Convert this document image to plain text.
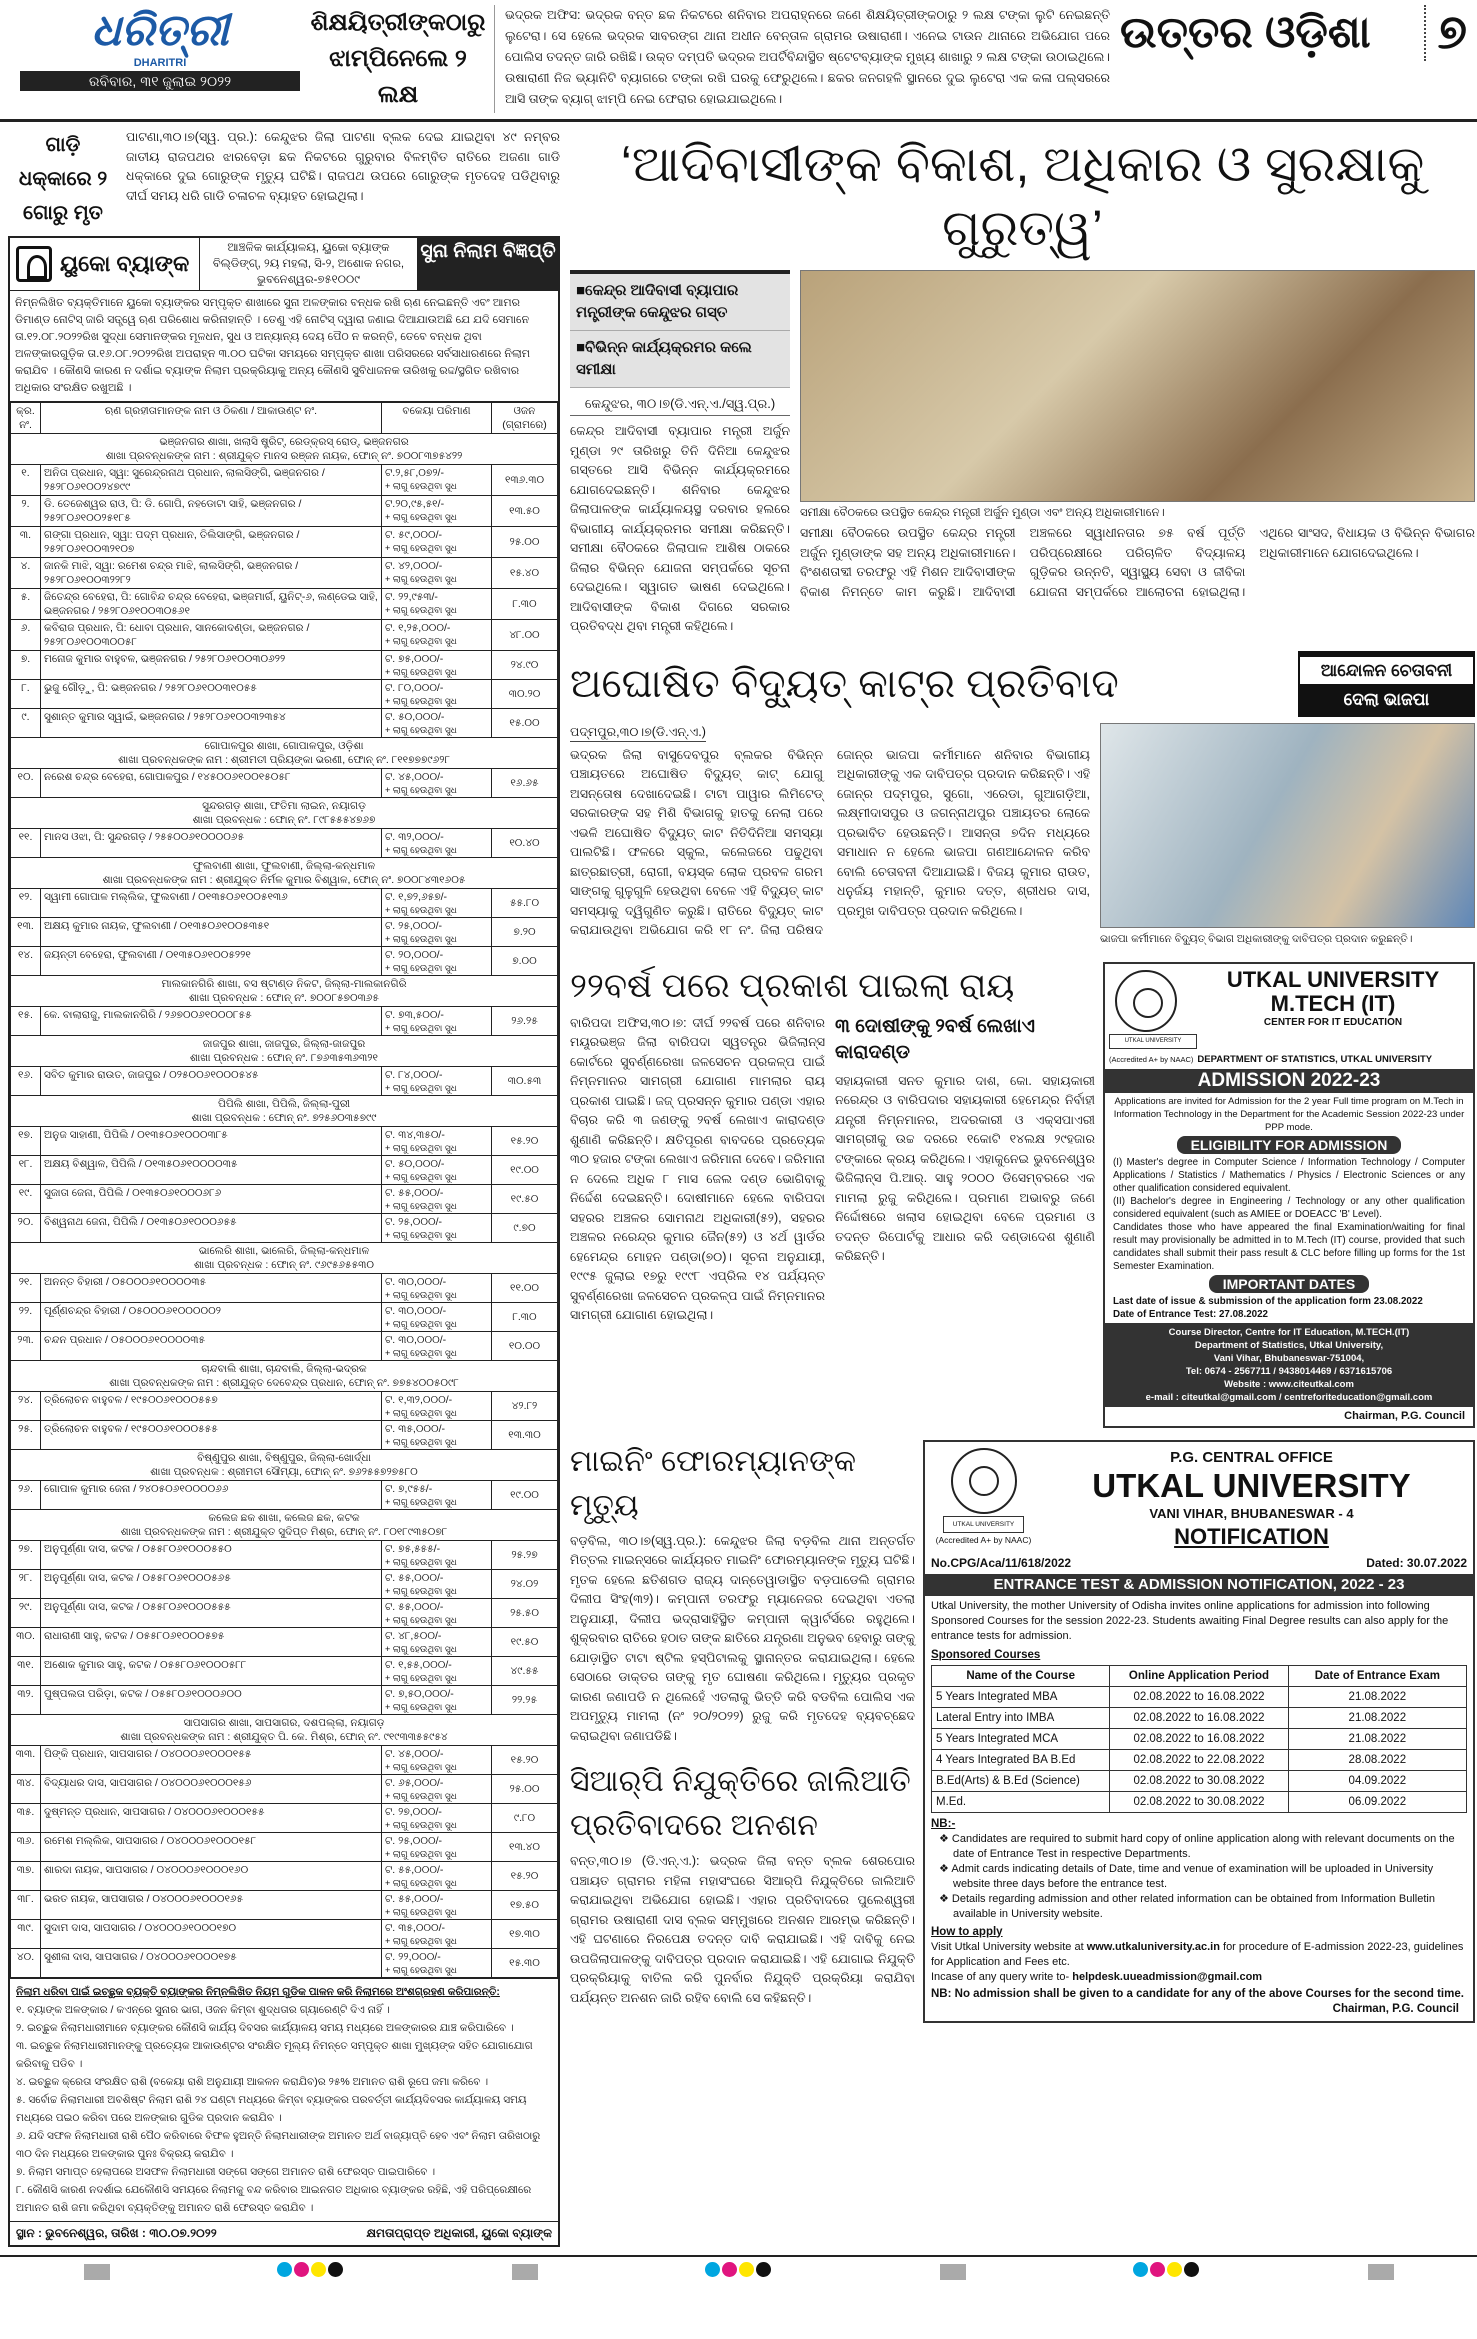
ଧରିତ୍ରୀ
DHARITRI
ରବିବାର, ୩୧ ଜୁଲାଇ ୨୦୨୨
ଶିକ୍ଷୟିତ୍ରୀଙ୍କଠାରୁ ଝାମ୍ପିନେଲେ ୨ ଲକ୍ଷ
ଭଦ୍ରକ ଅଫିସ: ଭଦ୍ରକ ବନ୍ତ ଛକ ନିକଟରେ ଶନିବାର ଅପରାହ୍ନରେ ଜଣେ ଶିକ୍ଷୟିତ୍ରୀଙ୍କଠାରୁ ୨ ଲକ୍ଷ ଟଙ୍କା ଲୁଟି ନେଇଛନ୍ତି ଲୁଟେରା। ସେ ହେଲେ ଭଦ୍ରକ ସାବରଙ୍ଗ ଥାନା ଅଧୀନ ବେନ୍ତାଳ ଗ୍ରାମର ଉଷାରାଣୀ। ଏନେଇ ଟାଉନ ଥାନାରେ ଅଭିଯୋଗ ପରେ ପୋଲିସ ତଦନ୍ତ ଜାରି ରଖିଛି। ଉକ୍ତ ଦମ୍ପତି ଭଦ୍ରକ ଅପର୍ଟିବିନ୍ଦାସ୍ଥିତ ଷ୍ଟେଟବ୍ୟାଙ୍କ ମୁଖ୍ୟ ଶାଖାରୁ ୨ ଲକ୍ଷ ଟଙ୍କା ଉଠାଇଥିଲେ। ଉଷାରାଣୀ ନିଜ ଭ୍ୟାନିଟି ବ୍ୟାଗରେ ଟଙ୍କା ରଖି ଘରକୁ ଫେରୁଥିଲେ। ଛକର ଜନଗହଳି ସ୍ଥାନରେ ଦୁଇ ଲୁଟେରା ଏକ କଳା ପଲ୍‌ସରରେ ଆସି ତାଙ୍କ ବ୍ୟାଗ୍ ଝାମ୍ପି ନେଇ ଫେରାର ହୋଇଯାଇଥିଲେ।
ଉତ୍ତର ଓଡ଼ିଶା	୭
ଗାଡ଼ି ଧକ୍କାରେ ୨ ଗୋରୁ ମୃତ
ପାଟଣା,୩୦।୭(ସ୍ୱ. ପ୍ର.): କେନ୍ଦୁଝର ଜିଲା ପାଟଣା ବ୍ଲକ ଦେଇ ଯାଇଥିବା ୪୯ ନମ୍ବର ଜାତୀୟ ରାଜପଥର ଝାରବେଡ଼ା ଛକ ନିକଟରେ ଗୁରୁବାର ବିଳମ୍ବିତ ରାତିରେ ଅଜଣା ଗାଡି ଧକ୍କାରେ ଦୁଇ ଗୋରୁଙ୍କ ମୃତ୍ୟୁ ଘଟିଛି। ରାଜପଥ ଉପରେ ଗୋରୁଙ୍କ ମୃତଦେହ ପଡିଥିବାରୁ ଦୀର୍ଘ ସମୟ ଧରି ଗାଡି ଚଳାଚଳ ବ୍ୟାହତ ହୋଇଥିଲା।
ୟୁକୋ ବ୍ୟାଙ୍କ
ଆଞ୍ଚଳିକ କାର୍ଯ୍ୟାଳୟ, ୟୁକୋ ବ୍ୟାଙ୍କ ବିଲ୍ଡିଙ୍ଗ୍, ୨ୟ ମହଲା, ସି-୨, ଅଶୋକ ନଗର, ଭୁବନେଶ୍ୱର-୭୫୧୦୦୯
ସୁନା ନିଲାମ ବିଜ୍ଞପ୍ତି
ନିମ୍ନଲିଖିତ ବ୍ୟକ୍ତିମାନେ ୟୁକୋ ବ୍ୟାଙ୍କର ସମ୍ପୃକ୍ତ ଶାଖାରେ ସୁନା ଅଳଙ୍କାର ବନ୍ଧକ ରଖି ଋଣ ନେଇଛନ୍ତି ଏବଂ ଆମର ଡିମାଣ୍ଡ ନୋଟିସ୍ ଜାରି ସତ୍ତ୍ୱେ ଋଣ ପରିଶୋଧ କରିନାହାନ୍ତି । ତେଣୁ ଏହି ନୋଟିସ୍ ଦ୍ୱାରା ଜଣାଇ ଦିଆଯାଉଅଛି ଯେ ଯଦି ସେମାନେ ତା.୧୨.୦୮.୨୦୨୨ରିଖ ସୁଦ୍ଧା ସେମାନଙ୍କର ମୂଳଧନ, ସୁଧ ଓ ଅନ୍ୟାନ୍ୟ ଦେୟ ପୈଠ ନ କରନ୍ତି, ତେବେ ବନ୍ଧକ ଥିବା ଅଳଙ୍କାରଗୁଡ଼ିକ ତା.୧୬.୦୮.୨୦୨୨ରିଖ ଅପରାହ୍ନ ୩.୦୦ ଘଟିକା ସମୟରେ ସମ୍ପୃକ୍ତ ଶାଖା ପରିସରରେ ସର୍ବସାଧାରଣରେ ନିଲାମ କରାଯିବ । କୌଣସି କାରଣ ନ ଦର୍ଶାଇ ବ୍ୟାଙ୍କ ନିଲାମ ପ୍ରକ୍ରିୟାକୁ ଅନ୍ୟ କୌଣସି ସୁବିଧାଜନକ ତାରିଖକୁ ରଦ୍ଦ/ସ୍ଥଗିତ ରଖିବାର ଅଧିକାର ସଂରକ୍ଷିତ ରଖୁଅଛି ।
କ୍ର. ନଂ.	ଋଣ ଗ୍ରହୀତାମାନଙ୍କ ନାମ ଓ ଠିକଣା / ଆକାଉଣ୍ଟ ନଂ.	ବକେୟା ପରିମାଣ	ଓଜନ (ଗ୍ରାମରେ)

ଭଞ୍ଜନଗର ଶାଖା, ଖଲାସି ଷ୍ଟ୍ରିଟ୍, ରେଡ୍‌କ୍ରସ୍ ରୋଡ୍, ଭଞ୍ଜନଗର
ଶାଖା ପ୍ରବନ୍ଧକଙ୍କ ନାମ : ଶ୍ରୀଯୁକ୍ତ ମାନସ ରଞ୍ଜନ ନାୟକ, ଫୋନ୍ ନଂ. ୭୦୦୮୩୭୫୪୨୨			

୧.	ଅନିତା ପ୍ରଧାନ, ସ୍ୱା: ସୁରେନ୍ଦ୍ରନାଥ ପ୍ରଧାନ, ଲାଲସିଙ୍ଗି, ଭଞ୍ଜନଗର / ୨୫୨୮୦୬୧୦୦୨୪୭୯୯	ଟ.୨,୫୮,୦୭୨/-
+ ଲାଗୁ ହେଉଥିବା ସୁଧ	୧୩୬.୩୦
୨.	ଡି. ତେଜେଶ୍ୱର ରାଓ, ପି: ଡି. ଗୋପି, ନହଡୋଟା ସାହି, ଭଞ୍ଜନଗର / ୨୫୨୮୦୬୧୦୦୨୫୧୮୫	ଟ.୨୦,୯୫,୫୧/-
+ ଲାଗୁ ହେଉଥିବା ସୁଧ	୧୩.୫୦
୩.	ଗଙ୍ଗା ପ୍ରଧାନ, ସ୍ୱା: ପଦ୍ମ ପ୍ରଧାନ, ତିଲିସାଙ୍ଗି, ଭଞ୍ଜନଗର / ୨୫୨୮୦୬୧୦୦୩୨୧୦୭	ଟ. ୫୯,୦୦୦/-
+ ଲାଗୁ ହେଉଥିବା ସୁଧ	୨୫.୦୦
୪.	ଜାନକି ମାଝି, ସ୍ୱା: ରମେଶ ଚନ୍ଦ୍ର ମାଝି, ଲାଲସିଙ୍ଗି, ଭଞ୍ଜନଗର / ୨୫୨୮୦୬୧୦୦୩୨୨୮୨	ଟ. ୪୨,୦୦୦/-
+ ଲାଗୁ ହେଉଥିବା ସୁଧ	୧୫.୪୦
୫.	ଜିତେନ୍ଦ୍ର ବେହେରା, ପି: ଗୋବିନ୍ଦ ଚନ୍ଦ୍ର ବେହେରା, ଭଞ୍ଜମାର୍ଗ, ୟୁନିଟ୍-୬, ଲଣ୍ଡେଇ ସାହି, ଭଞ୍ଜନଗର / ୨୫୨୮୦୬୧୦୦୩୦୫୬୧	ଟ. ୨୨,୯୫୩/-
+ ଲାଗୁ ହେଉଥିବା ସୁଧ	୮.୩୦
୬.	କବିରାଜ ପ୍ରଧାନ, ପି: ଧୋବା ପ୍ରଧାନ, ସାନକୋଦଣ୍ଡା, ଭଞ୍ଜନଗର / ୨୫୨୮୦୬୧୦୦୩୦୦୫୮	ଟ. ୧,୨୫,୦୦୦/-
+ ଲାଗୁ ହେଉଥିବା ସୁଧ	୪୮.୦୦
୭.	ମନୋଜ କୁମାର ବାହୁବଳ, ଭଞ୍ଜନଗର / ୨୫୨୮୦୬୧୦୦୩୦୬୨୨	ଟ. ୭୫,୦୦୦/-
+ ଲାଗୁ ହେଉଥିବା ସୁଧ	୨୪.୯୦
୮.	ଭୁଜୁ ଗୌଡ଼ୁ, ପି: ଭଞ୍ଜନଗର / ୨୫୨୮୦୬୧୦୦୩୧୦୫୫	ଟ. ୮୦,୦୦୦/-
+ ଲାଗୁ ହେଉଥିବା ସୁଧ	୩୦.୨୦
୯.	ସୁଶାନ୍ତ କୁମାର ସ୍ୱାଇଁ, ଭଞ୍ଜନଗର / ୨୫୨୮୦୬୧୦୦୩୨୩୫୪	ଟ. ୫୦,୦୦୦/-
+ ଲାଗୁ ହେଉଥିବା ସୁଧ	୧୫.୦୦

ଗୋପାଳପୁର ଶାଖା, ଗୋପାଳପୁର, ଓଡ଼ିଶା
ଶାଖା ପ୍ରବନ୍ଧକଙ୍କ ନାମ : ଶ୍ରୀମତୀ ପ୍ରିୟଙ୍କା ଭରଣୀ, ଫୋନ୍ ନଂ. ୮୧୧୭୭୭୯୬୨୮			

୧୦.	ନରେଶ ଚନ୍ଦ୍ର ବେହେରା, ଗୋପାଳପୁର / ୧୪୫୦୦୬୧୦୦୧୫୦୫୮	ଟ. ୪୫,୦୦୦/-
+ ଲାଗୁ ହେଉଥିବା ସୁଧ	୧୬.୬୫

ସୁନ୍ଦରଗଡ଼ ଶାଖା, ଫତିମା ଲାଇନ, ନୟାଗଡ଼
ଶାଖା ପ୍ରବନ୍ଧକ : ଫୋନ୍ ନଂ. ୮୯୮୫୫୫୪୭୬୭			

୧୧.	ମାନସ ଓଝା, ପି: ସୁନ୍ଦରଗଡ଼ / ୨୫୫୦୦୬୧୦୦୦୦୬୫	ଟ. ୩୨,୦୦୦/-
+ ଲାଗୁ ହେଉଥିବା ସୁଧ	୧୦.୪୦

ଫୁଲବାଣୀ ଶାଖା, ଫୁଲବାଣୀ, ଜିଲ୍ଲା-କନ୍ଧମାଳ
ଶାଖା ପ୍ରବନ୍ଧକଙ୍କ ନାମ : ଶ୍ରୀଯୁକ୍ତ ନିର୍ମଳ କୁମାର ବିଶ୍ୱାଳ, ଫୋନ୍ ନଂ. ୭୦୦୮୪୩୧୬୦୫			

୧୨.	ସ୍ୱାମୀ ଗୋପାଳ ମଲ୍ଲିକ, ଫୁଲବାଣୀ / ୦୧୩୫୦୬୧୦୦୫୧୩୬	ଟ. ୧,୭୨,୬୫୭/-
+ ଲାଗୁ ହେଉଥିବା ସୁଧ	୫୫.୮୦
୧୩.	ଅକ୍ଷୟ କୁମାର ନାୟକ, ଫୁଲବାଣୀ / ୦୧୩୫୦୬୧୦୦୫୩୫୧	ଟ. ୨୫,୦୦୦/-
+ ଲାଗୁ ହେଉଥିବା ସୁଧ	୭.୨୦
୧୪.	ଜୟନ୍ତୀ ବେହେରା, ଫୁଲବାଣୀ / ୦୧୩୫୦୬୧୦୦୫୨୨୧	ଟ. ୨୦,୦୦୦/-
+ ଲାଗୁ ହେଉଥିବା ସୁଧ	୭.୦୦

ମାଲକାନଗିରି ଶାଖା, ବସ ଷ୍ଟାଣ୍ଡ ନିକଟ, ଜିଲ୍ଲା-ମାଲକାନଗିରି
ଶାଖା ପ୍ରବନ୍ଧକ : ଫୋନ୍ ନଂ. ୭୦୦୮୫୭୦୩୬୫			

୧୫.	କେ. ବାଲାରାଜୁ, ମାଲକାନଗିରି / ୨୬୭୦୦୬୧୦୦୦୮୫୫	ଟ. ୭୩,୫୦୦/-
+ ଲାଗୁ ହେଉଥିବା ସୁଧ	୨୬.୨୫

ଜାଜପୁର ଶାଖା, ଜାଜପୁର, ଜିଲ୍ଲା-ଜାଜପୁର
ଶାଖା ପ୍ରବନ୍ଧକ : ଫୋନ୍ ନଂ. ୮୭୬୩୫୩୬୩୨୧			

୧୬.	ସବିତ କୁମାର ରାଉତ, ଜାଜପୁର / ୦୨୫୦୦୬୧୦୦୦୫୪୫	ଟ. ୮୪,୦୦୦/-
+ ଲାଗୁ ହେଉଥିବା ସୁଧ	୩୦.୫୩

ପିପିଲି ଶାଖା, ପିପିଲି, ଜିଲ୍ଲା-ପୁରୀ
ଶାଖା ପ୍ରବନ୍ଧକ : ଫୋନ୍ ନଂ. ୭୨୫୬୦୩୫୭୯୯			

୧୭.	ଅନୁଜ ସାହାଣୀ, ପିପିଲି / ୦୧୩୫୦୬୧୦୦୦୩୮୫	ଟ. ୩୪,୩୫୦/-
+ ଲାଗୁ ହେଉଥିବା ସୁଧ	୧୫.୨୦
୧୮.	ଅକ୍ଷୟ ବିଶ୍ୱାଳ, ପିପିଲି / ୦୧୩୫୦୬୧୦୦୦୦୩୫	ଟ. ୫୦,୦୦୦/-
+ ଲାଗୁ ହେଉଥିବା ସୁଧ	୧୯.୦୦
୧୯.	ସୁଜାତା ଜେନା, ପିପିଲି / ୦୧୩୫୦୬୧୦୦୦୬୮୬	ଟ. ୫୫,୦୦୦/-
+ ଲାଗୁ ହେଉଥିବା ସୁଧ	୧୯.୫୦
୨୦.	ବିଶ୍ୱନାଥ ଜେନା, ପିପିଲି / ୦୧୩୫୦୬୧୦୦୦୬୫୫	ଟ. ୨୫,୦୦୦/-
+ ଲାଗୁ ହେଉଥିବା ସୁଧ	୯.୭୦

ଭାଲେରି ଶାଖା, ଭାଲେରି, ଜିଲ୍ଲା-କନ୍ଧମାଳ
ଶାଖା ପ୍ରବନ୍ଧକ : ଫୋନ୍ ନଂ. ୯୬୯୫୬୫୫୩୦			

୨୧.	ଅନନ୍ତ ବିହାରୀ / ୦୫୦୦୦୬୧୦୦୦୦୩୫	ଟ. ୩୦,୦୦୦/-
+ ଲାଗୁ ହେଉଥିବା ସୁଧ	୧୧.୦୦
୨୨.	ପୂର୍ଣ୍ଣଚନ୍ଦ୍ର ବିହାରୀ / ୦୫୦୦୦୬୧୦୦୦୦୦୨	ଟ. ୩୦,୦୦୦/-
+ ଲାଗୁ ହେଉଥିବା ସୁଧ	୮.୩୦
୨୩.	ଚନ୍ଦନ ପ୍ରଧାନ / ୦୫୦୦୦୬୧୦୦୦୦୩୫	ଟ. ୩୦,୦୦୦/-
+ ଲାଗୁ ହେଉଥିବା ସୁଧ	୧୦.୦୦

ଚାନ୍ଦବାଲି ଶାଖା, ଚାନ୍ଦବାଲି, ଜିଲ୍ଲା-ଭଦ୍ରକ
ଶାଖା ପ୍ରବନ୍ଧକଙ୍କ ନାମ : ଶ୍ରୀଯୁକ୍ତ ଦେବେନ୍ଦ୍ର ପ୍ରଧାନ, ଫୋନ୍ ନଂ. ୭୭୫୪୦୦୫୦୯୮			

୨୪.	ତ୍ରିଲୋଚନ ବାହୁବଳ / ୧୯୫୦୦୬୧୦୦୦୫୫୭	ଟ. ୧,୩୨,୦୦୦/-
+ ଲାଗୁ ହେଉଥିବା ସୁଧ	୪୨.୮୨
୨୫.	ତ୍ରିଲୋଚନ ବାହୁବଳ / ୧୯୫୦୦୬୧୦୦୦୫୫୫	ଟ. ୩୫,୦୦୦/-
+ ଲାଗୁ ହେଉଥିବା ସୁଧ	୧୩.୩୦

ବିଷ୍ଣୁପୁର ଶାଖା, ବିଷ୍ଣୁପୁର, ଜିଲ୍ଲା-ଖୋର୍ଦ୍ଧା
ଶାଖା ପ୍ରବନ୍ଧକ : ଶ୍ରୀମତୀ ସୌମ୍ୟା, ଫୋନ୍ ନଂ. ୭୬୨୫୫୭୨୭୫୮୦			

୨୬.	ଗୋପାଳ କୁମାର ଜେନା / ୨୪୦୫୦୬୧୦୦୦୦୬୬	ଟ. ୭,୯୫୫/-
+ ଲାଗୁ ହେଉଥିବା ସୁଧ	୧୯.୦୦

କଲେଜ ଛକ ଶାଖା, କଲେଜ ଛକ, କଟକ
ଶାଖା ପ୍ରବନ୍ଧକଙ୍କ ନାମ : ଶ୍ରୀଯୁକ୍ତ ସୁଦିପ୍ତ ମିଶ୍ର, ଫୋନ୍ ନଂ. ୮୦୧୮୯୩୫୦୭୮			

୨୭.	ଅନୁପୂର୍ଣ୍ଣା ଦାସ, କଟକ / ୦୫୫୮୦୬୧୦୦୦୫୫୦	ଟ. ୭୫,୫୫୫/-
+ ଲାଗୁ ହେଉଥିବା ସୁଧ	୨୫.୨୭
୨୮.	ଅନୁପୂର୍ଣ୍ଣା ଦାସ, କଟକ / ୦୫୫୮୦୬୧୦୦୦୫୬୫	ଟ. ୫୫,୦୦୦/-
+ ଲାଗୁ ହେଉଥିବା ସୁଧ	୨୪.୦୨
୨୯.	ଅନୁପୂର୍ଣ୍ଣା ଦାସ, କଟକ / ୦୫୫୮୦୬୧୦୦୦୫୫୫	ଟ. ୫୫,୦୦୦/-
+ ଲାଗୁ ହେଉଥିବା ସୁଧ	୨୫.୫୦
୩୦.	ରାଧାରାଣୀ ସାହୁ, କଟକ / ୦୫୫୮୦୬୧୦୦୦୫୭୫	ଟ. ୪୮,୫୦୦/-
+ ଲାଗୁ ହେଉଥିବା ସୁଧ	୧୯.୫୦
୩୧.	ଅଶୋକ କୁମାର ସାହୁ, କଟକ / ୦୫୫୮୦୬୧୦୦୦୫୮୮	ଟ. ୧,୫୫,୦୦୦/-
+ ଲାଗୁ ହେଉଥିବା ସୁଧ	୪୯.୫୫
୩୨.	ପୁଷ୍ପଲତା ପରିଡ଼ା, କଟକ / ୦୫୫୮୦୬୧୦୦୦୬୦୦	ଟ. ୭,୫୦,୦୦୦/-
+ ଲାଗୁ ହେଉଥିବା ସୁଧ	୨୨.୨୫

ସାପସାଗର ଶାଖା, ସାପସାଗର, ଦଶପଲ୍ଲା, ନୟାଗଡ଼
ଶାଖା ପ୍ରବନ୍ଧକଙ୍କ ନାମ : ଶ୍ରୀଯୁକ୍ତ ପି. କେ. ମିଶ୍ର, ଫୋନ୍ ନଂ. ୯୧୯୩୩୫୫୯୫୪			

୩୩.	ପିଙ୍କି ପ୍ରଧାନ, ସାପସାଗର / ୦୪୦୦୦୬୧୦୦୦୧୫୫	ଟ. ୪୫,୦୦୦/-
+ ଲାଗୁ ହେଉଥିବା ସୁଧ	୧୫.୨୦
୩୪.	ବିଦ୍ୟାଧର ଦାସ, ସାପସାଗର / ୦୪୦୦୦୬୧୦୦୦୧୫୬	ଟ. ୬୫,୦୦୦/-
+ ଲାଗୁ ହେଉଥିବା ସୁଧ	୨୫.୦୦
୩୫.	ଦୁଷ୍ମନ୍ତ ପ୍ରଧାନ, ସାପସାଗର / ୦୪୦୦୦୬୧୦୦୦୧୫୫	ଟ. ୨୭,୦୦୦/-
+ ଲାଗୁ ହେଉଥିବା ସୁଧ	୯.୮୦
୩୬.	ରମେଶ ମଲ୍ଲିକ, ସାପସାଗର / ୦୪୦୦୦୬୧୦୦୦୧୫୮	ଟ. ୨୫,୦୦୦/-
+ ଲାଗୁ ହେଉଥିବା ସୁଧ	୧୩.୪୦
୩୭.	ଶାରଦା ନାୟକ, ସାପସାଗର / ୦୪୦୦୦୬୧୦୦୦୧୬୦	ଟ. ୫୫,୦୦୦/-
+ ଲାଗୁ ହେଉଥିବା ସୁଧ	୧୫.୨୦
୩୮.	ଭରତ ନାୟକ, ସାପସାଗର / ୦୪୦୦୦୬୧୦୦୦୧୬୫	ଟ. ୫୫,୦୦୦/-
+ ଲାଗୁ ହେଉଥିବା ସୁଧ	୧୭.୫୦
୩୯.	ସୁଦାମ ଦାସ, ସାପସାଗର / ୦୪୦୦୦୬୧୦୦୦୧୭୦	ଟ. ୩୫,୦୦୦/-
+ ଲାଗୁ ହେଉଥିବା ସୁଧ	୧୭.୩୦
୪୦.	ସୁଶୀଳା ଦାସ, ସାପସାଗର / ୦୪୦୦୦୬୧୦୦୦୧୭୫	ଟ. ୨୨,୦୦୦/-
+ ଲାଗୁ ହେଉଥିବା ସୁଧ	୧୫.୩୦
ନିଲାମ ଧରିବା ପାଇଁ ଇଚ୍ଛୁକ ବ୍ୟକ୍ତି ବ୍ୟାଙ୍କର ନିମ୍ନଲିଖିତ ନିୟମ ଗୁଡିକ ପାଳନ କରି ନିଲାମରେ ଅଂଶଗ୍ରହଣ କରିପାରନ୍ତି:
୧. ବ୍ୟାଙ୍କ ଅଳଙ୍କାର / କଏନ୍‌ରେ ସୁନାର ଭାଗ, ଓଜନ କିମ୍ବା ଶୁଦ୍ଧତାର ଗ୍ୟାରେଣ୍ଟି ଦିଏ ନାହିଁ ।
୨. ଇଚ୍ଛୁକ ନିଲାମଧାରୀମାନେ ବ୍ୟାଙ୍କର କୌଣସି କାର୍ଯ୍ୟ ଦିବସର କାର୍ଯ୍ୟାଳୟ ସମୟ ମଧ୍ୟରେ ଅଳଙ୍କାରର ଯାଞ୍ଚ କରିପାରିବେ ।
୩. ଇଚ୍ଛୁକ ନିଲାମଧାରୀମାନଙ୍କୁ ପ୍ରତ୍ୟେକ ଆକାଉଣ୍ଟର ସଂରକ୍ଷିତ ମୂଲ୍ୟ ନିମନ୍ତେ ସମ୍ପୃକ୍ତ ଶାଖା ମୁଖ୍ୟଙ୍କ ସହିତ ଯୋଗାଯୋଗ କରିବାକୁ ପଡିବ ।
୪. ଇଚ୍ଛୁକ କ୍ରେତା ସଂରକ୍ଷିତ ରାଶି (ବକେୟା ରାଶି ଅନୁଯାୟୀ ଆକଳନ କରାଯିବ)ର ୨୫% ଅମାନତ ରାଶି ରୂପେ ଜମା କରିବେ ।
୫. ସର୍ବୋଚ୍ଚ ନିଲାମଧାରୀ ଅବଶିଷ୍ଟ ନିଲାମ ରାଶି ୨୪ ଘଣ୍ଟା ମଧ୍ୟରେ କିମ୍ବା ବ୍ୟାଙ୍କର ପରବର୍ତ୍ତୀ କାର୍ଯ୍ୟଦିବସର କାର୍ଯ୍ୟାଳୟ ସମୟ ମଧ୍ୟରେ ପଇଠ କରିବା ପରେ ଅଳଙ୍କାର ଗୁଡିକ ପ୍ରଦାନ କରାଯିବ ।
୬. ଯଦି ସଫଳ ନିଲାମଧାରୀ ରାଶି ପୈଠ କରିବାରେ ବିଫଳ ହୁଅନ୍ତି ନିଲାମଧାରୀଙ୍କ ଅମାନତ ଅର୍ଥ ବାଜ୍ୟାପ୍ତି ହେବ ଏବଂ ନିଲାମ ତାରିଖଠାରୁ ୩୦ ଦିନ ମଧ୍ୟରେ ଅଳଙ୍କାର ପୁନଃ ବିକ୍ରୟ କରାଯିବ ।
୭. ନିଲାମ ସମାପ୍ତ ହେଲାପରେ ଅସଫଳ ନିଲାମଧାରୀ ସଙ୍ଗେ ସଙ୍ଗେ ଅମାନତ ରାଶି ଫେରସ୍ତ ପାଇପାରିବେ ।
୮. କୌଣସି କାରଣ ନଦର୍ଶାଇ ଯେକୌଣସି ସମୟରେ ନିଲାମକୁ ବନ୍ଦ କରିବାର ଆଇନଗତ ଅଧିକାର ବ୍ୟାଙ୍କର ରହିଛି, ଏହି ପରିପ୍ରେକ୍ଷୀରେ ଅମାନତ ରାଶି ଜମା କରିଥିବା ବ୍ୟକ୍ତିଙ୍କୁ ଅମାନତ ରାଶି ଫେରସ୍ତ କରାଯିବ ।
ସ୍ଥାନ : ଭୁବନେଶ୍ୱର, ତାରିଖ : ୩୦.୦୭.୨୦୨୨	କ୍ଷମତାପ୍ରାପ୍ତ ଅଧିକାରୀ, ୟୁକୋ ବ୍ୟାଙ୍କ
‘ଆଦିବାସୀଙ୍କ ବିକାଶ, ଅଧିକାର ଓ ସୁରକ୍ଷାକୁ ଗୁରୁତ୍ୱ’
■କେନ୍ଦ୍ର ଆଦିବାସୀ ବ୍ୟାପାର ମନ୍ତ୍ରୀଙ୍କ କେନ୍ଦୁଝର ଗସ୍ତ
■ବିଭିନ୍ନ କାର୍ଯ୍ୟକ୍ରମର କଲେ ସମୀକ୍ଷା
କେନ୍ଦୁଝର, ୩୦।୭(ଡି.ଏନ୍.ଏ./ସ୍ୱ.ପ୍ର.)
କେନ୍ଦ୍ର ଆଦିବାସୀ ବ୍ୟାପାର ମନ୍ତ୍ରୀ ଅର୍ଜୁନ ମୁଣ୍ଡା ୨୯ ତାରିଖରୁ ତିନି ଦିନିଆ କେନ୍ଦୁଝର ଗସ୍ତରେ ଆସି ବିଭିନ୍ନ କାର୍ଯ୍ୟକ୍ରମରେ ଯୋଗଦେଇଛନ୍ତି। ଶନିବାର କେନ୍ଦୁଝର ଜିଲାପାଳଙ୍କ କାର୍ଯ୍ୟାଳୟସ୍ଥ ଦରବାର ହଲରେ ବିଭାଗୀୟ କାର୍ଯ୍ୟକ୍ରମର ସମୀକ୍ଷା କରିଛନ୍ତି। ସମୀକ୍ଷା ବୈଠକରେ ଜିଲାପାଳ ଆଶିଷ ଠାକରେ ଜିଲାର ବିଭିନ୍ନ ଯୋଜନା ସମ୍ପର୍କରେ ସୂଚନା ଦେଇଥିଲେ। ସ୍ୱାଗତ ଭାଷଣ ଦେଇଥିଲେ। ଆଦିବାସୀଙ୍କ ବିକାଶ ଦିଗରେ ସରକାର ପ୍ରତିବଦ୍ଧ ଥିବା ମନ୍ତ୍ରୀ କହିଥିଲେ।
ସମୀକ୍ଷା ବୈଠକରେ ଉପସ୍ଥିତ କେନ୍ଦ୍ର ମନ୍ତ୍ରୀ ଅର୍ଜୁନ ମୁଣ୍ଡା ଏବଂ ଅନ୍ୟ ଅଧିକାରୀମାନେ।
ସମୀକ୍ଷା ବୈଠକରେ ଉପସ୍ଥିତ କେନ୍ଦ୍ର ମନ୍ତ୍ରୀ ଅର୍ଜୁନ ମୁଣ୍ଡାଙ୍କ ସହ ଅନ୍ୟ ଅଧିକାରୀମାନେ। ବିଂଶଶତାବ୍ଦୀ ତରଫରୁ ଏହି ମିଶନ ଆଦିବାସୀଙ୍କ ବିକାଶ ନିମନ୍ତେ କାମ କରୁଛି। ଆଦିବାସୀ ଅଞ୍ଚଳରେ ସ୍ୱାଧୀନତାର ୭୫ ବର୍ଷ ପୂର୍ତ୍ତି ପରିପ୍ରେକ୍ଷୀରେ ପରିଚାଳିତ ବିଦ୍ୟାଳୟ ଗୁଡ଼ିକର ଉନ୍ନତି, ସ୍ୱାସ୍ଥ୍ୟ ସେବା ଓ ଜୀବିକା ଯୋଜନା ସମ୍ପର୍କରେ ଆଲୋଚନା ହୋଇଥିଲା। ଏଥିରେ ସାଂସଦ, ବିଧାୟକ ଓ ବିଭିନ୍ନ ବିଭାଗର ଅଧିକାରୀମାନେ ଯୋଗଦେଇଥିଲେ।
ଅଘୋଷିତ ବିଦ୍ୟୁତ୍ କାଟ୍‌ର ପ୍ରତିବାଦ	ଆନ୍ଦୋଳନ ଚେତାବନୀ
ଦେଲା ଭାଜପା
ପଦ୍ମପୁର,୩୦।୭(ଡି.ଏନ୍.ଏ.)
ଭଦ୍ରକ ଜିଲା ବାସୁଦେବପୁର ବ୍ଲକର ବିଭିନ୍ନ ପଞ୍ଚାୟତରେ ଅଘୋଷିତ ବିଦ୍ୟୁତ୍ କାଟ୍ ଯୋଗୁ ଅସନ୍ତୋଷ ଦେଖାଦେଇଛି। ଟାଟା ପାୱାର ଲିମିଟେଡ୍ ସରକାରଙ୍କ ସହ ମିଶି ବିଭାଗକୁ ହାତକୁ ନେଲା ପରେ ଏଭଳି ଅଘୋଷିତ ବିଦ୍ୟୁତ୍ କାଟ ନିତିଦିନିଆ ସମସ୍ୟା ପାଲଟିଛି। ଫଳରେ ସ୍କୁଲ, କଲେଜରେ ପଢୁଥିବା ଛାତ୍ରଛାତ୍ରୀ, ରୋଗୀ, ବୟସ୍କ ଲୋକ ପ୍ରବଳ ଗରମ ସାଙ୍ଗକୁ ଗୁଳୁଗୁଳି ହେଉଥିବା ବେଳେ ଏହି ବିଦ୍ୟୁତ୍ କାଟ ସମସ୍ୟାକୁ ଦ୍ୱିଗୁଣିତ କରୁଛି। ରାତିରେ ବିଦ୍ୟୁତ୍ କାଟ କରାଯାଉଥିବା ଅଭିଯୋଗ କରି ୧୮ ନଂ. ଜିଲା ପରିଷଦ ଜୋନ୍‌ର ଭାଜପା କର୍ମୀମାନେ ଶନିବାର ବିଭାଗୀୟ ଅଧିକାରୀଙ୍କୁ ଏକ ଦାବିପତ୍ର ପ୍ରଦାନ କରିଛନ୍ତି। ଏହି ଜୋନ୍‌ର ପଦ୍ମପୁର, ସୁଗୋ, ଏରେଡା, ଗୁଆଗଡ଼ିଆ, ଲକ୍ଷ୍ମୀଦାସପୁର ଓ ଜଗନ୍ନାଥପୁର ପଞ୍ଚାୟତର ଲୋକେ ପ୍ରଭାବିତ ହେଉଛନ୍ତି। ଆସନ୍ତା ୭ଦିନ ମଧ୍ୟରେ ସମାଧାନ ନ ହେଲେ ଭାଜପା ଗଣଆନ୍ଦୋଳନ କରିବ ବୋଲି ଚେତାବନୀ ଦିଆଯାଇଛି। ବିଜୟ କୁମାର ରାଉତ, ଧନୁର୍ଜୟ ମହାନ୍ତି, କୁମାର ଦତ୍ତ, ଶ୍ରୀଧର ଦାସ, ପ୍ରମୁଖ ଦାବିପତ୍ର ପ୍ରଦାନ କରିଥିଲେ।
ଭାଜପା କର୍ମୀମାନେ ବିଦ୍ୟୁତ୍ ବିଭାଗ ଅଧିକାରୀଙ୍କୁ ଦାବିପତ୍ର ପ୍ରଦାନ କରୁଛନ୍ତି।
୨୨ବର୍ଷ ପରେ ପ୍ରକାଶ ପାଇଲା ରାୟ
ବାରିପଦା ଅଫିସ,୩୦।୭: ଦୀର୍ଘ ୨୨ବର୍ଷ ପରେ ଶନିବାର ମୟୂରଭଞ୍ଜ ଜିଲା ବାରିପଦା ସ୍ୱତନ୍ତ୍ର ଭିଜିଲାନ୍ସ କୋର୍ଟରେ ସୁବର୍ଣ୍ଣରେଖା ଜଳସେଚନ ପ୍ରକଳ୍ପ ପାଇଁ ନିମ୍ନମାନର ସାମଗ୍ରୀ ଯୋଗାଣ ମାମଲାର ରାୟ ପ୍ରକାଶ ପାଇଛି। ଜଜ୍ ପ୍ରସନ୍ନ କୁମାର ପଣ୍ଡା ଏହାର ବିଚାର କରି ୩ ଜଣଙ୍କୁ ୨ବର୍ଷ ଲେଖାଏ କାରାଦଣ୍ଡ ଶୁଣାଣି କରିଛନ୍ତି। କ୍ଷତିପୂରଣ ବାବଦରେ ପ୍ରତ୍ୟେକ ୩୦ ହଜାର ଟଙ୍କା ଲେଖାଏ ଜରିମାନା ଦେବେ। ଜରିମାନା ନ ଦେଲେ ଅଧିକ ୮ ମାସ ଜେଲ ଦଣ୍ଡ ଭୋଗିବାକୁ ନିର୍ଦ୍ଦେଶ ଦେଇଛନ୍ତି। ଦୋଷୀମାନେ ହେଲେ ବାରିପଦା ସହରର ଅଞ୍ଚଳର ସୋମନାଥ ଅଧିକାରୀ(୫୨), ସହରର ଅଞ୍ଚଳର ନରେନ୍ଦ୍ର କୁମାର ଜୈନ(୫୨) ଓ ୪ର୍ଥ ୱାର୍ଡର ହେମେନ୍ଦ୍ର ମୋହନ ପଣ୍ଡା(୭୦)। ସୂଚନା ଅନୁଯାୟୀ, ୧୯୯୫ ଜୁଲାଇ ୧୭ରୁ ୧୯୯୮ ଏପ୍ରିଲ ୧୪ ପର୍ଯ୍ୟନ୍ତ ସୁବର୍ଣ୍ଣରେଖା ଜଳସେଚନ ପ୍ରକଳ୍ପ ପାଇଁ ନିମ୍ନମାନର ସାମଗ୍ରୀ ଯୋଗାଣ ହୋଇଥିଲା।
୩ ଦୋଷୀଙ୍କୁ ୨ବର୍ଷ ଲେଖାଏ କାରାଦଣ୍ଡ
ସହାୟକାରୀ ସନତ କୁମାର ଦାଶ, କୋ. ସହାୟକାରୀ ନରେନ୍ଦ୍ର ଓ ବାରିପଦାର ସହାୟକାରୀ ହେମେନ୍ଦ୍ର ନିର୍ବାହୀ ଯନ୍ତ୍ରୀ ନିମ୍ନମାନର, ଅଦରକାରୀ ଓ ଏକ୍ସପାଏରୀ ସାମଗ୍ରୀକୁ ଉଚ୍ଚ ଦରରେ ୧କୋଟି ୧୪ଲକ୍ଷ ୨୯ହଜାର ଟଙ୍କାରେ କ୍ରୟ କରିଥିଲେ। ଏହାକୁନେଇ ଭୁବନେଶ୍ୱର ଭିଜିଲାନ୍ସ ପି.ଆର୍. ସାହୁ ୨୦୦୦ ଡିସେମ୍ବରରେ ଏକ ମାମଲା ରୁଜୁ କରିଥିଲେ। ପ୍ରମାଣ ଅଭାବରୁ ଜଣେ ନିର୍ଦ୍ଦୋଷରେ ଖଲାସ ହୋଇଥିବା ବେଳେ ପ୍ରମାଣ ଓ ତଦନ୍ତ ରିପୋର୍ଟକୁ ଆଧାର କରି ଦଣ୍ଡାଦେଶ ଶୁଣାଣି କରିଛନ୍ତି।
UTKAL UNIVERSITY
UTKAL UNIVERSITY
M.TECH (IT)
CENTER FOR IT EDUCATION
(Accredited A+ by NAAC) DEPARTMENT OF STATISTICS, UTKAL UNIVERSITY
ADMISSION 2022-23
Applications are invited for Admission for the 2 year Full time program on M.Tech in Information Technology in the Department for the Academic Session 2022-23 under PPP mode.
ELIGIBILITY FOR ADMISSION
(I) Master's degree in Computer Science / Information Technology / Computer Applications / Statistics / Mathematics / Physics / Electronic Sciences or any other qualification considered equivalent.
(II) Bachelor's degree in Engineering / Technology or any other qualification considered equivalent (such as AMIEE or DOEACC 'B' Level).
Candidates those who have appeared the final Examination/waiting for final result may provisionally be admitted in to M.Tech (IT) course, provided that such candidates shall submit their pass result & CLC before filling up forms for the 1st Semester Examination.
IMPORTANT DATES
Last date of issue & submission of the application form 23.08.2022
Date of Entrance Test: 27.08.2022
Course Director, Centre for IT Education, M.TECH.(IT)
Department of Statistics, Utkal University,
Vani Vihar, Bhubaneswar-751004,
Tel: 0674 - 2567711 / 9438014469 / 6371615706
Website : www.citeutkal.com
e-mail : citeutkal@gmail.com / centreforiteducation@gmail.com
Chairman, P.G. Council
ମାଇନିଂ ଫୋରମ୍ୟାନଙ୍କ ମୃତ୍ୟୁ
ବଡ଼ବିଲ, ୩୦।୭(ସ୍ୱ.ପ୍ର.): କେନ୍ଦୁଝର ଜିଲା ବଡ଼ବିଲ ଥାନା ଅନ୍ତର୍ଗତ ମିତ୍ତଲ ମାଇନ୍ସରେ କାର୍ଯ୍ୟରତ ମାଇନିଂ ଫୋରମ୍ୟାନଙ୍କ ମୃତ୍ୟୁ ଘଟିଛି। ମୃତକ ହେଲେ ଛତିଶଗଡ ରାଜ୍ୟ ଦାନ୍ତେୱାଡାସ୍ଥିତ ବଡ଼ପାଡେଲି ଗ୍ରାମର ଦିଲୀପ ସିଂହ(୩୨)। କମ୍ପାନୀ ତରଫରୁ ମ୍ୟାନେଜର ଦେଇଥିବା ଏତଲା ଅନୁଯାୟୀ, ଦିଲୀପ ଭଦ୍ରାସାହିସ୍ଥିତ କମ୍ପାନୀ କ୍ୱାର୍ଟର୍ସରେ ରହୁଥିଲେ। ଶୁକ୍ରବାର ରାତିରେ ହଠାତ ତାଙ୍କ ଛାତିରେ ଯନ୍ତ୍ରଣା ଅନୁଭବ ହେବାରୁ ତାଙ୍କୁ ଯୋଡ଼ାସ୍ଥିତ ଟାଟା ଷ୍ଟିଲ ହସ୍ପିଟାଲକୁ ସ୍ଥାନାନ୍ତର କରାଯାଇଥିଲା। ହେଲେ ସେଠାରେ ଡାକ୍ତର ତାଙ୍କୁ ମୃତ ଘୋଷଣା କରିଥିଲେ। ମୃତ୍ୟୁର ପ୍ରକୃତ କାରଣ ଜଣାପଡି ନ ଥିଲେହେଁ ଏତଲାକୁ ଭିତ୍ତି କରି ବଡବିଲ ପୋଲିସ ଏକ ଅପମୃତ୍ୟୁ ମାମଲା (ନଂ ୨୦/୨୦୨୨) ରୁଜୁ କରି ମୃତଦେହ ବ୍ୟବଚ୍ଛେଦ କରାଇଥିବା ଜଣାପଡିଛି।
ସିଆର୍‌ପି ନିଯୁକ୍ତିରେ ଜାଲିଆତି ପ୍ରତିବାଦରେ ଅନଶନ
ବନ୍ତ,୩୦।୭ (ଡି.ଏନ୍.ଏ.): ଭଦ୍ରକ ଜିଲା ବନ୍ତ ବ୍ଲକ ଶେରପୋର ପଞ୍ଚାୟତ ଗ୍ରାମର ମହିଳା ମହାସଂଘରେ ସିଆର୍‌ପି ନିଯୁକ୍ତିରେ ଜାଲିଆତି କରାଯାଇଥିବା ଅଭିଯୋଗ ହୋଇଛି। ଏହାର ପ୍ରତିବାଦରେ ପୁଲେଶ୍ୱରୀ ଗ୍ରାମର ଉଷାରାଣୀ ଦାସ ବ୍ଲକ ସମ୍ମୁଖରେ ଅନଶନ ଆରମ୍ଭ କରିଛନ୍ତି। ଏହି ଘଟଣାରେ ନିରପେକ୍ଷ ତଦନ୍ତ ଦାବି କରାଯାଇଛି। ଏହି ଦାବିକୁ ନେଇ ଉପଜିଲାପାଳଙ୍କୁ ଦାବିପତ୍ର ପ୍ରଦାନ କରାଯାଇଛି। ଏହି ଯୋଗାଇ ନିଯୁକ୍ତି ପ୍ରକ୍ରିୟାକୁ ବାତିଲ କରି ପୁନର୍ବାର ନିଯୁକ୍ତି ପ୍ରକ୍ରିୟା କରାଯିବା ପର୍ଯ୍ୟନ୍ତ ଅନଶନ ଜାରି ରହିବ ବୋଲି ସେ କହିଛନ୍ତି।
UTKAL UNIVERSITY
(Accredited A+ by NAAC)
P.G. CENTRAL OFFICE
UTKAL UNIVERSITY
VANI VIHAR, BHUBANESWAR - 4
NOTIFICATION
No.CPG/Aca/11/618/2022	Dated: 30.07.2022
ENTRANCE TEST & ADMISSION NOTIFICATION, 2022 - 23
Utkal University, the mother University of Odisha invites online applications for admission into following Sponsored Courses for the session 2022-23. Students awaiting Final Degree results can also apply for the entrance tests for admission.
Sponsored Courses
Name of the Course	Online Application Period	Date of Entrance Exam
5 Years Integrated MBA	02.08.2022 to 16.08.2022	21.08.2022
Lateral Entry into IMBA	02.08.2022 to 16.08.2022	21.08.2022
5 Years Integrated MCA	02.08.2022 to 16.08.2022	21.08.2022
4 Years Integrated BA B.Ed	02.08.2022 to 22.08.2022	28.08.2022
B.Ed(Arts) & B.Ed (Science)	02.08.2022 to 30.08.2022	04.09.2022
M.Ed.	02.08.2022 to 30.08.2022	06.09.2022
NB:-
❖ Candidates are required to submit hard copy of online application along with relevant documents on the date of Entrance Test in respective Departments.
❖ Admit cards indicating details of Date, time and venue of examination will be uploaded in University website three days before the entrance test.
❖ Details regarding admission and other related information can be obtained from Information Bulletin available in University website.
How to apply
Visit Utkal University website at www.utkaluniversity.ac.in for procedure of E-admission 2022-23, guidelines for Application and Fees etc.
Incase of any query write to- helpdesk.uueadmission@gmail.com
NB: No admission shall be given to a candidate for any of the above Courses for the second time.
Chairman, P.G. Council
